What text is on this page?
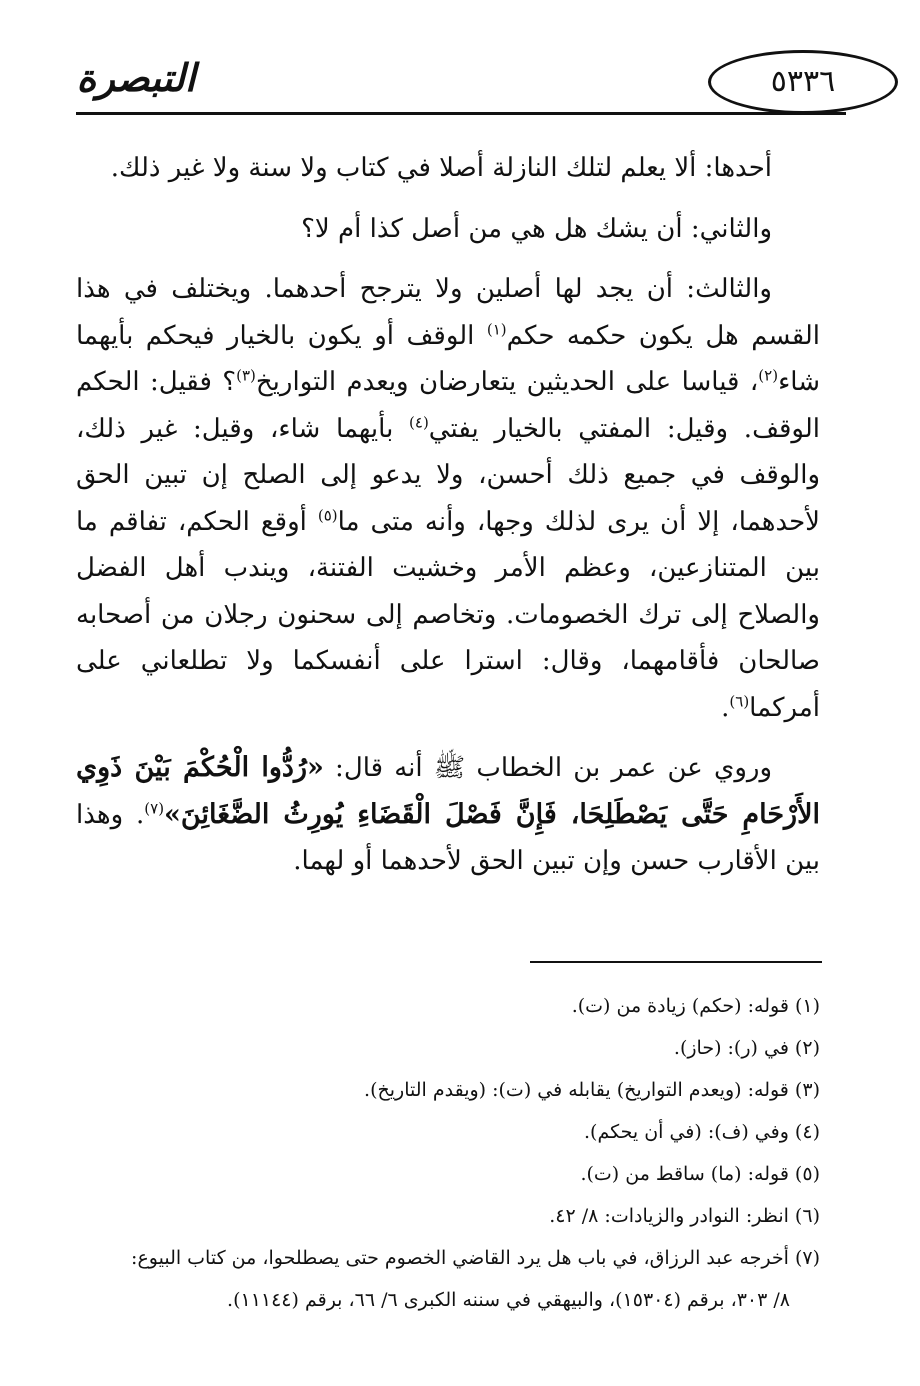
التبصرة	٥٣٣٦

أحدها: ألا يعلم لتلك النازلة أصلا في كتاب ولا سنة ولا غير ذلك.

والثاني: أن يشك هل هي من أصل كذا أم لا؟

والثالث: أن يجد لها أصلين ولا يترجح أحدهما. ويختلف في هذا القسم هل يكون حكمه حكم$^{(١)}$ الوقف أو يكون بالخيار فيحكم بأيهما شاء$^{(٢)}$، قياسا على الحديثين يتعارضان ويعدم التواريخ$^{(٣)}$؟ فقيل: الحكم الوقف. وقيل: المفتي بالخيار يفتي$^{(٤)}$ بأيهما شاء، وقيل: غير ذلك، والوقف في جميع ذلك أحسن، ولا يدعو إلى الصلح إن تبين الحق لأحدهما، إلا أن يرى لذلك وجها، وأنه متى ما$^{(٥)}$ أوقع الحكم، تفاقم ما بين المتنازعين، وعظم الأمر وخشيت الفتنة، ويندب أهل الفضل والصلاح إلى ترك الخصومات. وتخاصم إلى سحنون رجلان من أصحابه صالحان فأقامهما، وقال: استرا على أنفسكما ولا تطلعاني على أمركما$^{(٦)}$.

وروي عن عمر بن الخطاب ﷺ أنه قال: «رُدُّوا الْحُكْمَ بَيْنَ ذَوِي الأَرْحَامِ حَتَّى يَصْطَلِحَا، فَإِنَّ فَصْلَ الْقَضَاءِ يُورِثُ الضَّغَائِنَ»$^{(٧)}$. وهذا بين الأقارب حسن وإن تبين الحق لأحدهما أو لهما.

(١) قوله: (حكم) زيادة من (ت).

(٢) في (ر): (حاز).

(٣) قوله: (ويعدم التواريخ) يقابله في (ت): (ويقدم التاريخ).

(٤) وفي (ف): (في أن يحكم).

(٥) قوله: (ما) ساقط من (ت).

(٦) انظر: النوادر والزيادات: ٨/ ٤٢.

(٧) أخرجه عبد الرزاق، في باب هل يرد القاضي الخصوم حتى يصطلحوا، من كتاب البيوع:

٨/ ٣٠٣، برقم (١٥٣٠٤)، والبيهقي في سننه الكبرى ٦/ ٦٦، برقم (١١١٤٤).
